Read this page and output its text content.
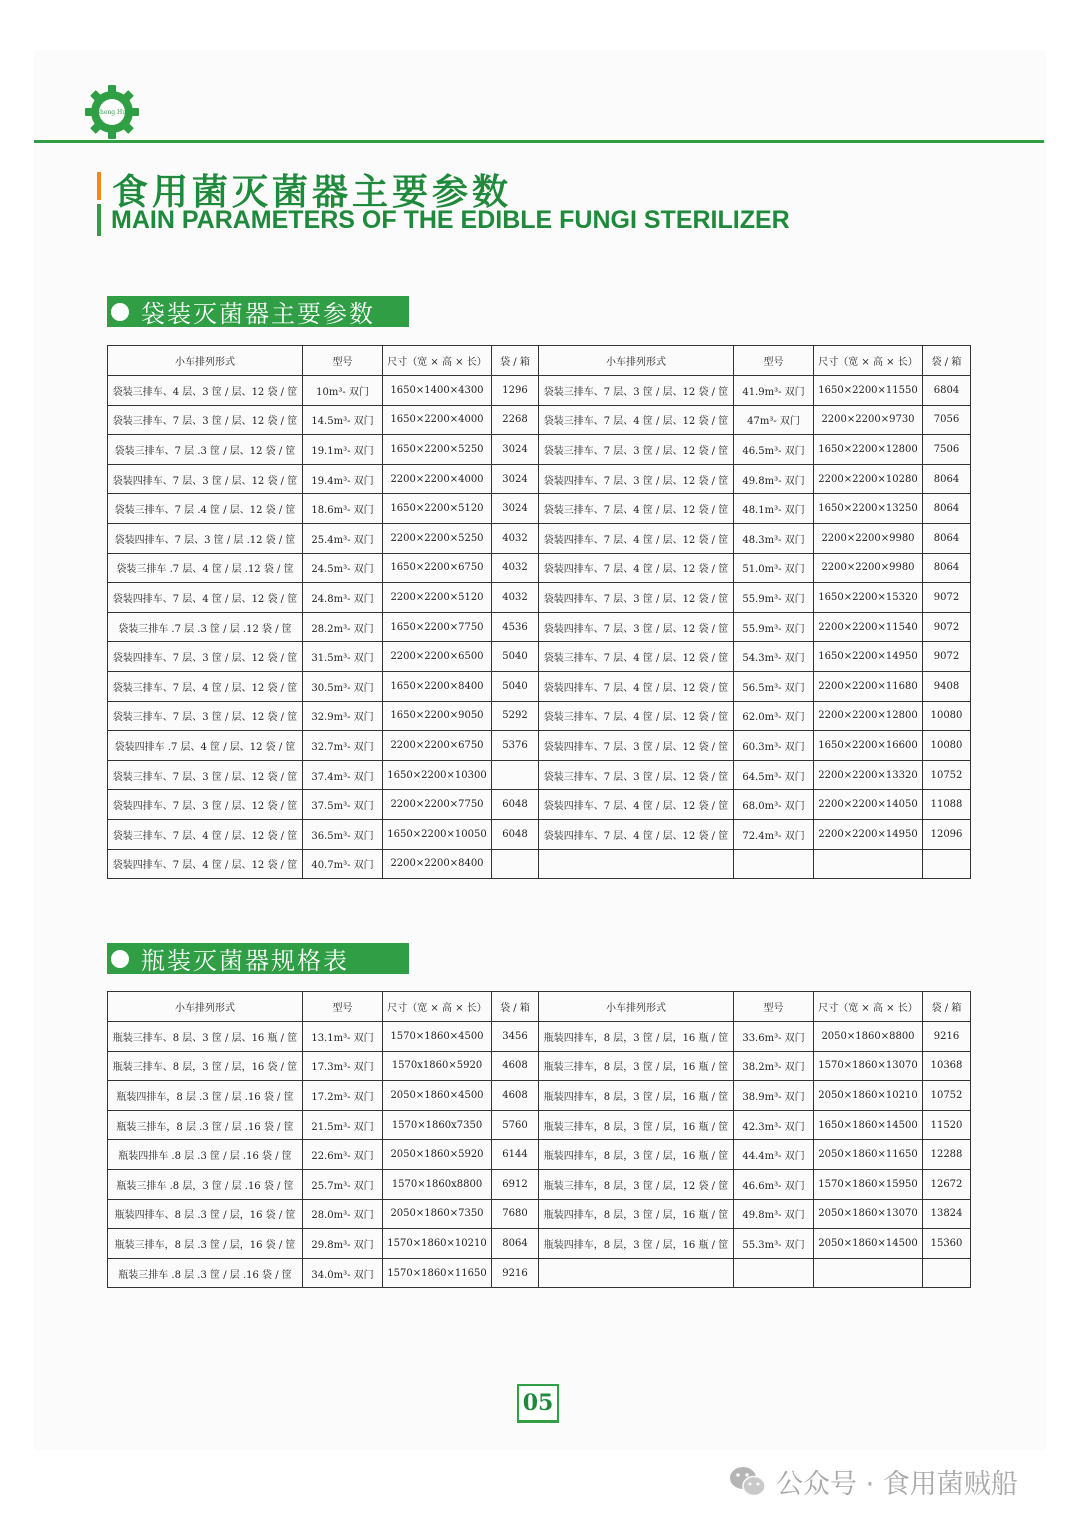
Sheng Hui
食用菌灭菌器主要参数
MAIN PARAMETERS OF THE EDIBLE FUNGI STERILIZER
袋装灭菌器主要参数
小车排列形式	型号	尺寸（宽 × 高 × 长）	袋 / 箱	小车排列形式	型号	尺寸（宽 × 高 × 长）	袋 / 箱
袋装三排车、4 层、3 筐 / 层、12 袋 / 筐	10m³- 双门	1650×1400×4300	1296	袋装三排车、7 层、3 筐 / 层、12 袋 / 筐	41.9m³- 双门	1650×2200×11550	6804
袋装三排车、7 层、3 筐 / 层、12 袋 / 筐	14.5m³- 双门	1650×2200×4000	2268	袋装三排车、7 层、4 筐 / 层、12 袋 / 筐	47m³- 双门	2200×2200×9730	7056
袋装三排车、7 层 .3 筐 / 层、12 袋 / 筐	19.1m³- 双门	1650×2200×5250	3024	袋装三排车、7 层、3 筐 / 层、12 袋 / 筐	46.5m³- 双门	1650×2200×12800	7506
袋装四排车、7 层、3 筐 / 层、12 袋 / 筐	19.4m³- 双门	2200×2200×4000	3024	袋装四排车、7 层、3 筐 / 层、12 袋 / 筐	49.8m³- 双门	2200×2200×10280	8064
袋装三排车、7 层 .4 筐 / 层、12 袋 / 筐	18.6m³- 双门	1650×2200×5120	3024	袋装三排车、7 层、4 筐 / 层、12 袋 / 筐	48.1m³- 双门	1650×2200×13250	8064
袋装四排车、7 层、3 筐 / 层 .12 袋 / 筐	25.4m³- 双门	2200×2200×5250	4032	袋装四排车、7 层、4 筐 / 层、12 袋 / 筐	48.3m³- 双门	2200×2200×9980	8064
袋装三排车 .7 层、4 筐 / 层 .12 袋 / 筐	24.5m³- 双门	1650×2200×6750	4032	袋装四排车、7 层、4 筐 / 层、12 袋 / 筐	51.0m³- 双门	2200×2200×9980	8064
袋装四排车、7 层、4 筐 / 层、12 袋 / 筐	24.8m³- 双门	2200×2200×5120	4032	袋装四排车、7 层、3 筐 / 层、12 袋 / 筐	55.9m³- 双门	1650×2200×15320	9072
袋装三排车 .7 层 .3 筐 / 层 .12 袋 / 筐	28.2m³- 双门	1650×2200×7750	4536	袋装四排车、7 层、3 筐 / 层、12 袋 / 筐	55.9m³- 双门	2200×2200×11540	9072
袋装四排车、7 层、3 筐 / 层、12 袋 / 筐	31.5m³- 双门	2200×2200×6500	5040	袋装三排车、7 层、4 筐 / 层、12 袋 / 筐	54.3m³- 双门	1650×2200×14950	9072
袋装三排车、7 层、4 筐 / 层、12 袋 / 筐	30.5m³- 双门	1650×2200×8400	5040	袋装四排车、7 层、4 筐 / 层、12 袋 / 筐	56.5m³- 双门	2200×2200×11680	9408
袋装三排车、7 层、3 筐 / 层、12 袋 / 筐	32.9m³- 双门	1650×2200×9050	5292	袋装三排车、7 层、4 筐 / 层、12 袋 / 筐	62.0m³- 双门	2200×2200×12800	10080
袋装四排车 .7 层、4 筐 / 层、12 袋 / 筐	32.7m³- 双门	2200×2200×6750	5376	袋装四排车、7 层、3 筐 / 层、12 袋 / 筐	60.3m³- 双门	1650×2200×16600	10080
袋装三排车、7 层、3 筐 / 层、12 袋 / 筐	37.4m³- 双门	1650×2200×10300		袋装三排车、7 层、3 筐 / 层、12 袋 / 筐	64.5m³- 双门	2200×2200×13320	10752
袋装四排车、7 层、3 筐 / 层、12 袋 / 筐	37.5m³- 双门	2200×2200×7750	6048	袋装四排车、7 层、4 筐 / 层、12 袋 / 筐	68.0m³- 双门	2200×2200×14050	11088
袋装三排车、7 层、4 筐 / 层、12 袋 / 筐	36.5m³- 双门	1650×2200×10050	6048	袋装四排车、7 层、4 筐 / 层、12 袋 / 筐	72.4m³- 双门	2200×2200×14950	12096
袋装四排车、7 层、4 筐 / 层、12 袋 / 筐	40.7m³- 双门	2200×2200×8400					
瓶装灭菌器规格表
小车排列形式	型号	尺寸（宽 × 高 × 长）	袋 / 箱	小车排列形式	型号	尺寸（宽 × 高 × 长）	袋 / 箱
瓶装三排车、8 层、3 筐 / 层、16 瓶 / 筐	13.1m³- 双门	1570×1860×4500	3456	瓶装四排车，8 层，3 筐 / 层，16 瓶 / 筐	33.6m³- 双门	2050×1860×8800	9216
瓶装三排车、8 层，3 筐 / 层，16 袋 / 筐	17.3m³- 双门	1570x1860×5920	4608	瓶装三排车，8 层，3 筐 / 层，16 瓶 / 筐	38.2m³- 双门	1570×1860×13070	10368
瓶装四排车，8 层 .3 筐 / 层 .16 袋 / 筐	17.2m³- 双门	2050×1860×4500	4608	瓶装四排车，8 层，3 筐 / 层，16 瓶 / 筐	38.9m³- 双门	2050×1860×10210	10752
瓶装三排车，8 层 .3 筐 / 层 .16 袋 / 筐	21.5m³- 双门	1570×1860x7350	5760	瓶装三排车，8 层，3 筐 / 层，16 瓶 / 筐	42.3m³- 双门	1650×1860×14500	11520
瓶装四排车 .8 层 .3 筐 / 层 .16 袋 / 筐	22.6m³- 双门	2050×1860×5920	6144	瓶装四排车，8 层，3 筐 / 层，16 瓶 / 筐	44.4m³- 双门	2050×1860×11650	12288
瓶装三排车 .8 层，3 筐 / 层 .16 袋 / 筐	25.7m³- 双门	1570×1860x8800	6912	瓶装三排车，8 层，3 筐 / 层，12 袋 / 筐	46.6m³- 双门	1570×1860×15950	12672
瓶装四排车、8 层 .3 筐 / 层，16 袋 / 筐	28.0m³- 双门	2050×1860×7350	7680	瓶装四排车，8 层，3 筐 / 层，16 瓶 / 筐	49.8m³- 双门	2050×1860×13070	13824
瓶装三排车，8 层 .3 筐 / 层，16 袋 / 筐	29.8m³- 双门	1570×1860×10210	8064	瓶装四排车，8 层，3 筐 / 层，16 瓶 / 筐	55.3m³- 双门	2050×1860×14500	15360
瓶装三排车 .8 层 .3 筐 / 层 .16 袋 / 筐	34.0m³- 双门	1570×1860×11650	9216				
05
公众号 · 食用菌贼船
